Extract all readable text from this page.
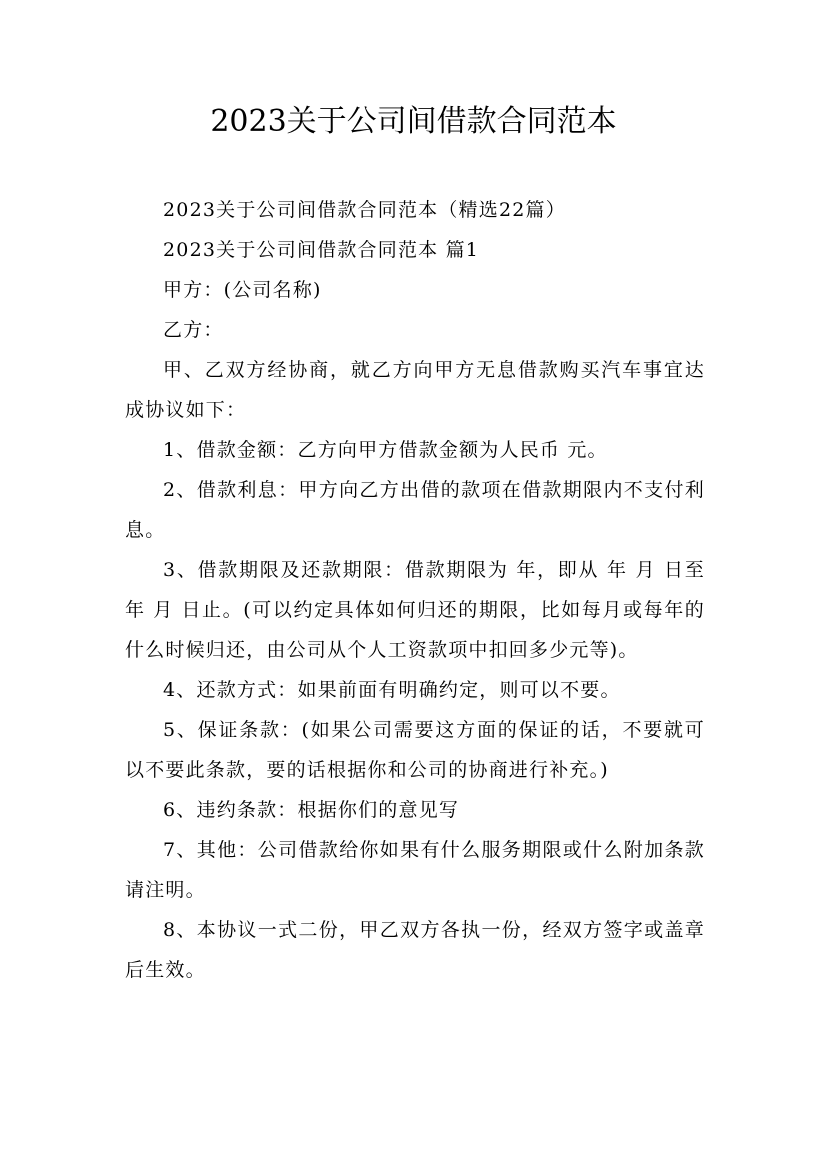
2023关于公司间借款合同范本

2023关于公司间借款合同范本（精选22篇）

2023关于公司间借款合同范本 篇1

甲方：(公司名称)

乙方：

甲、乙双方经协商，就乙方向甲方无息借款购买汽车事宜达成协议如下：

1、借款金额：乙方向甲方借款金额为人民币 元。

2、借款利息：甲方向乙方出借的款项在借款期限内不支付利息。

3、借款期限及还款期限：借款期限为 年，即从 年 月 日至 年 月 日止。(可以约定具体如何归还的期限，比如每月或每年的什么时候归还，由公司从个人工资款项中扣回多少元等)。

4、还款方式：如果前面有明确约定，则可以不要。

5、保证条款：(如果公司需要这方面的保证的话，不要就可以不要此条款，要的话根据你和公司的协商进行补充。)

6、违约条款：根据你们的意见写

7、其他：公司借款给你如果有什么服务期限或什么附加条款请注明。

8、本协议一式二份，甲乙双方各执一份，经双方签字或盖章后生效。
